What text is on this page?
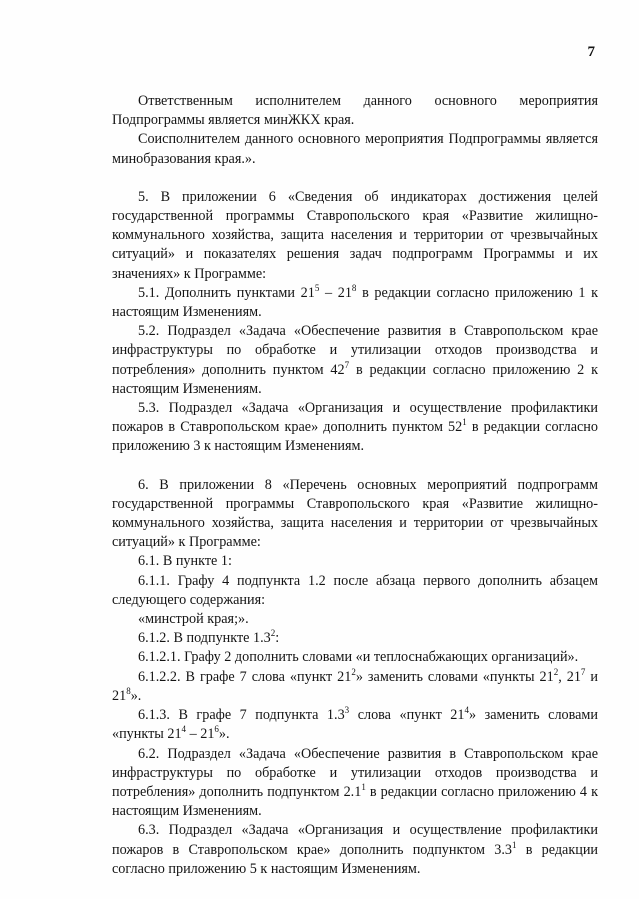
7

Ответственным исполнителем данного основного мероприятия Подпрограммы является минЖКХ края.

Соисполнителем данного основного мероприятия Подпрограммы является минобразования края.».

5. В приложении 6 «Сведения об индикаторах достижения целей государственной программы Ставропольского края «Развитие жилищно-коммунального хозяйства, защита населения и территории от чрезвычайных ситуаций» и показателях решения задач подпрограмм Программы и их значениях» к Программе:

5.1. Дополнить пунктами $21^5 - 21^8$ в редакции согласно приложению 1 к настоящим Изменениям.

5.2. Подраздел «Задача «Обеспечение развития в Ставропольском крае инфраструктуры по обработке и утилизации отходов производства и потребления» дополнить пунктом $42^7$ в редакции согласно приложению 2 к настоящим Изменениям.

5.3. Подраздел «Задача «Организация и осуществление профилактики пожаров в Ставропольском крае» дополнить пунктом $52^1$ в редакции согласно приложению 3 к настоящим Изменениям.

6. В приложении 8 «Перечень основных мероприятий подпрограмм государственной программы Ставропольского края «Развитие жилищно-коммунального хозяйства, защита населения и территории от чрезвычайных ситуаций» к Программе:

6.1. В пункте 1:

6.1.1. Графу 4 подпункта 1.2 после абзаца первого дополнить абзацем следующего содержания:

«минстрой края;».

6.1.2. В подпункте $1.3^2$:

6.1.2.1. Графу 2 дополнить словами «и теплоснабжающих организаций».

6.1.2.2. В графе 7 слова «пункт $21^2$» заменить словами «пункты $21^2$, $21^7$ и $21^8$».

6.1.3. В графе 7 подпункта $1.3^3$ слова «пункт $21^4$» заменить словами «пункты $21^4 - 21^6$».

6.2. Подраздел «Задача «Обеспечение развития в Ставропольском крае инфраструктуры по обработке и утилизации отходов производства и потребления» дополнить подпунктом $2.1^1$ в редакции согласно приложению 4 к настоящим Изменениям.

6.3. Подраздел «Задача «Организация и осуществление профилактики пожаров в Ставропольском крае» дополнить подпунктом $3.3^1$ в редакции согласно приложению 5 к настоящим Изменениям.
